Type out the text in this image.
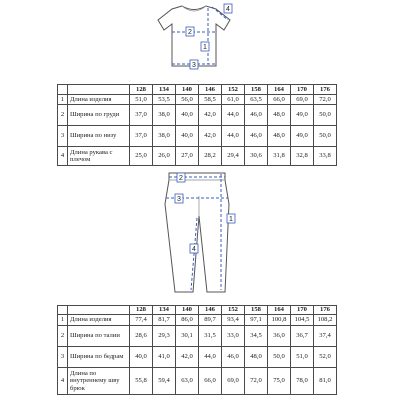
4
2
1
3
		128	134	140	146	152	158	164	170	176
1	Длина изделия	51,0	53,5	56,0	58,5	61,0	63,5	66,0	69,0	72,0
2	Ширина по груди	37,0	38,0	40,0	42,0	44,0	46,0	48,0	49,0	50,0
3	Ширина по низу	37,0	38,0	40,0	42,0	44,0	46,0	48,0	49,0	50,0
4	Длина рукава с плечом	25,0	26,0	27,0	28,2	29,4	30,6	31,8	32,8	33,8
2
3
1
4
		128	134	140	146	152	158	164	170	176
1	Длина изделия	77,4	81,7	86,0	89,7	93,4	97,1	100,8	104,5	108,2
2	Ширина по талии	28,6	29,3	30,1	31,5	33,0	34,5	36,0	36,7	37,4
3	Ширина по бедрам	40,0	41,0	42,0	44,0	46,0	48,0	50,0	51,0	52,0
4	Длина по внутреннему шву брюк	55,8	59,4	63,0	66,0	69,0	72,0	75,0	78,0	81,0
